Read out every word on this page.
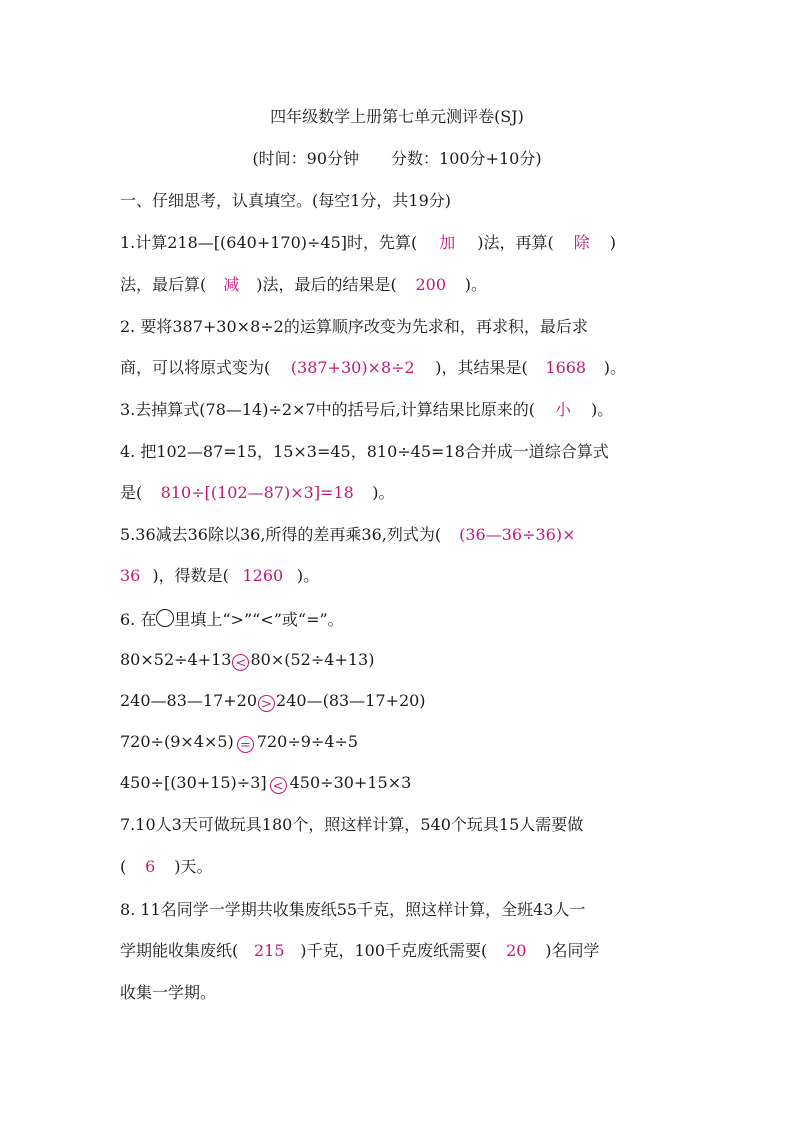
四年级数学上册第七单元测评卷(SJ)
(时间：90分钟　　分数：100分+10分)
一、仔细思考，认真填空。(每空1分，共19分)
1.计算218—[(640+170)÷45]时，先算( 加 )法，再算( 除 )
法，最后算( 减 )法，最后的结果是( 200 )。
2. 要将387+30×8÷2的运算顺序改变为先求和，再求积，最后求
商，可以将原式变为( (387+30)×8÷2 )，其结果是( 1668 )。
3.去掉算式(78—14)÷2×7中的括号后,计算结果比原来的( 小 )。
4. 把102—87=15，15×3=45，810÷45=18合并成一道综合算式
是( 810÷[(102—87)×3]=18 )。
5.36减去36除以36,所得的差再乘36,列式为( (36—36÷36)×
36 )，得数是( 1260 )。
6. 在 里填上“>”“<”或“=”。
80×52÷4+13 < 80×(52÷4+13)
240—83—17+20 > 240—(83—17+20)
720÷(9×4×5) = 720÷9÷4÷5
450÷[(30+15)÷3] < 450÷30+15×3
7.10人3天可做玩具180个，照这样计算，540个玩具15人需要做
( 6 )天。
8. 11名同学一学期共收集废纸55千克，照这样计算，全班43人一
学期能收集废纸( 215 )千克，100千克废纸需要( 20 )名同学
收集一学期。
